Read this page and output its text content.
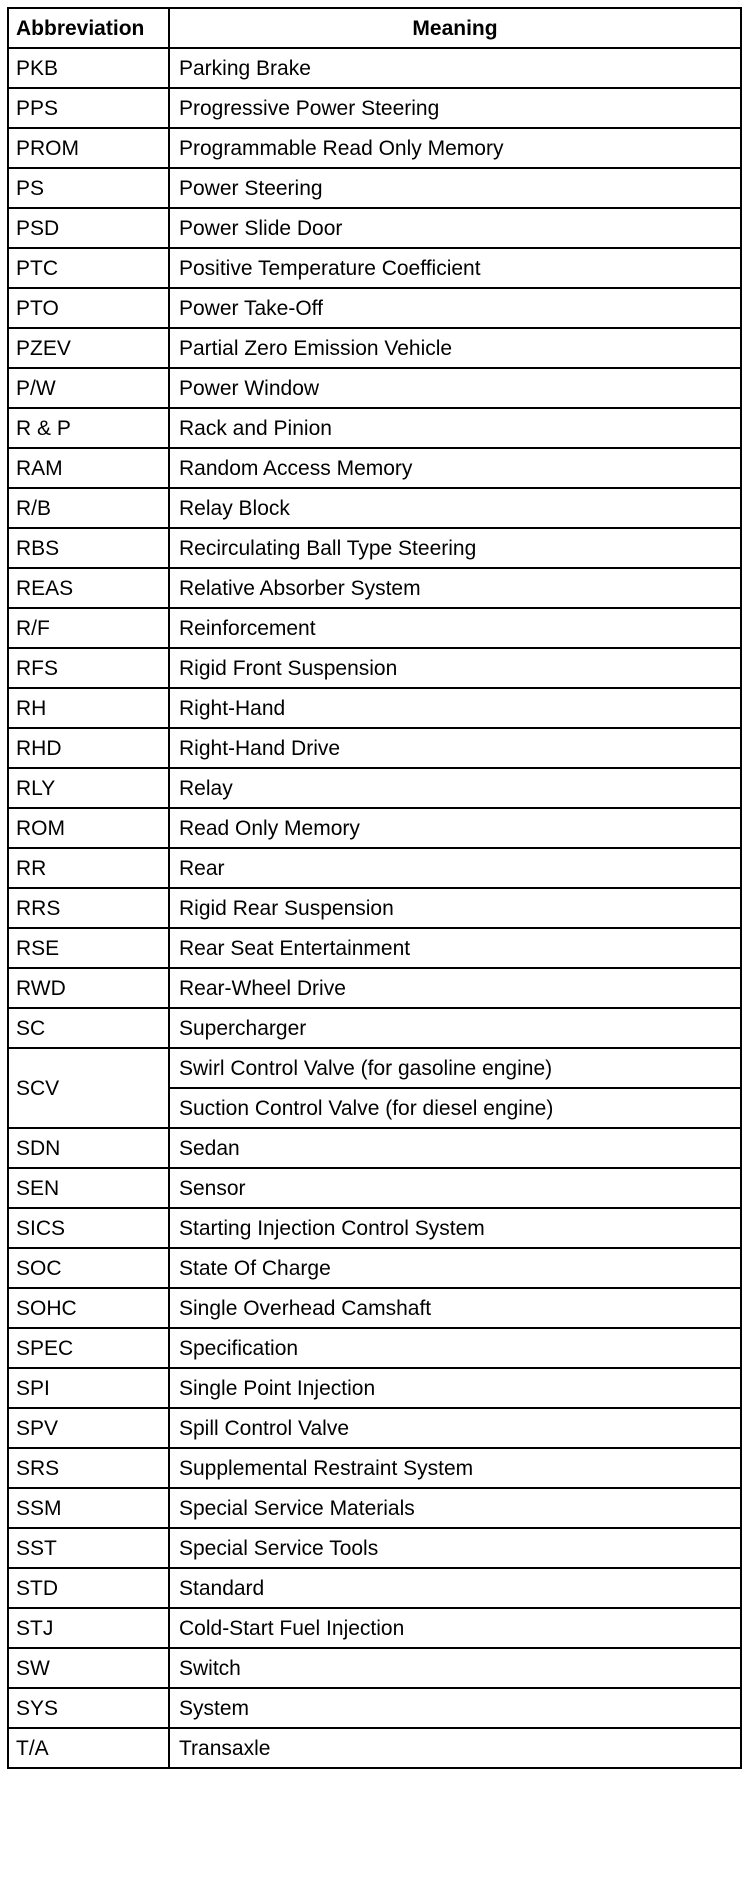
Abbreviation	Meaning
PKB	Parking Brake
PPS	Progressive Power Steering
PROM	Programmable Read Only Memory
PS	Power Steering
PSD	Power Slide Door
PTC	Positive Temperature Coefficient
PTO	Power Take-Off
PZEV	Partial Zero Emission Vehicle
P/W	Power Window
R & P	Rack and Pinion
RAM	Random Access Memory
R/B	Relay Block
RBS	Recirculating Ball Type Steering
REAS	Relative Absorber System
R/F	Reinforcement
RFS	Rigid Front Suspension
RH	Right-Hand
RHD	Right-Hand Drive
RLY	Relay
ROM	Read Only Memory
RR	Rear
RRS	Rigid Rear Suspension
RSE	Rear Seat Entertainment
RWD	Rear-Wheel Drive
SC	Supercharger
SCV	Swirl Control Valve (for gasoline engine)
	Suction Control Valve (for diesel engine)
SDN	Sedan
SEN	Sensor
SICS	Starting Injection Control System
SOC	State Of Charge
SOHC	Single Overhead Camshaft
SPEC	Specification
SPI	Single Point Injection
SPV	Spill Control Valve
SRS	Supplemental Restraint System
SSM	Special Service Materials
SST	Special Service Tools
STD	Standard
STJ	Cold-Start Fuel Injection
SW	Switch
SYS	System
T/A	Transaxle
